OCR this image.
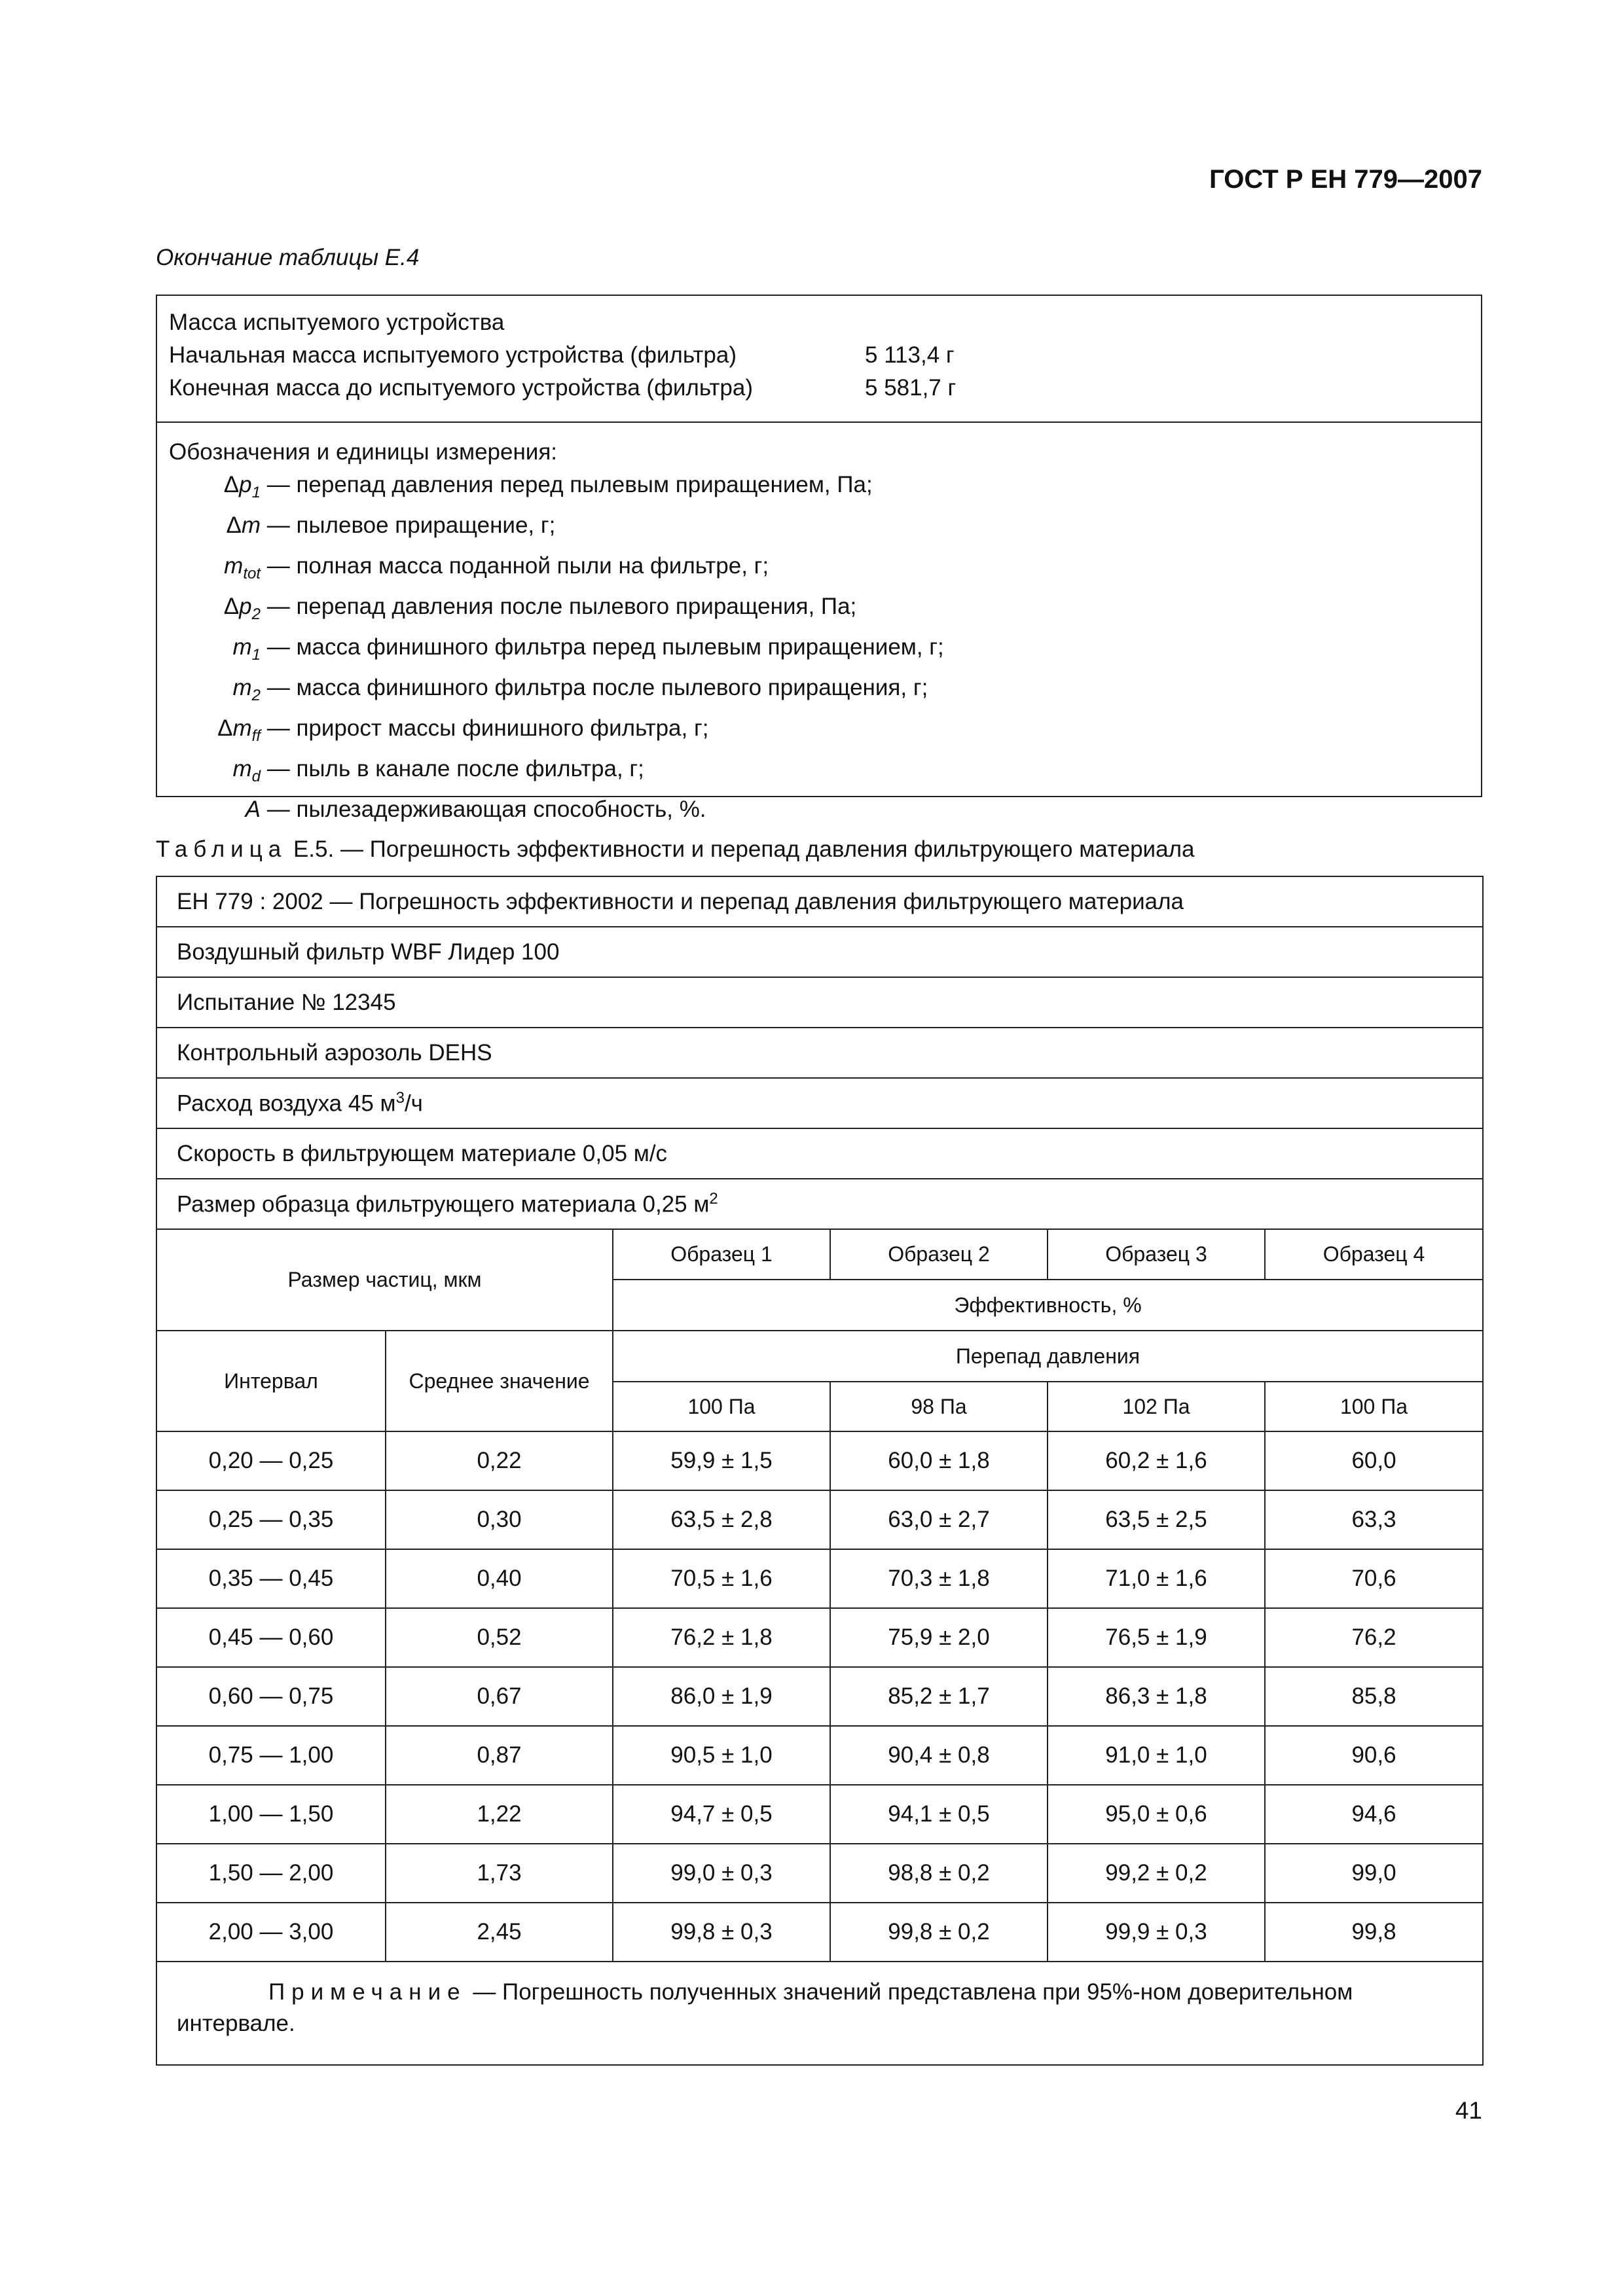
ГОСТ Р ЕН 779—2007
Окончание таблицы Е.4
Масса испытуемого устройства
Начальная масса испытуемого устройства (фильтра)	5 113,4 г
Конечная масса до испытуемого устройства (фильтра)	5 581,7 г
Обозначения и единицы измерения:
$\Delta p_1$ — перепад давления перед пылевым приращением, Па;
Δm — пылевое приращение, г;
$m_{tot}$ — полная масса поданной пыли на фильтре, г;
$\Delta p_2$ — перепад давления после пылевого приращения, Па;
$m_1$ — масса финишного фильтра перед пылевым приращением, г;
$m_2$ — масса финишного фильтра после пылевого приращения, г;
$\Delta m_{ff}$ — прирост массы финишного фильтра, г;
$m_d$ — пыль в канале после фильтра, г;
A — пылезадерживающая способность, %.
Таблица Е.5. — Погрешность эффективности и перепад давления фильтрующего материала
ЕН 779 : 2002 — Погрешность эффективности и перепад давления фильтрующего материала					
Воздушный фильтр WBF Лидер 100					
Испытание № 12345					
Контрольный аэрозоль DEHS					
Расход воздуха 45 $м^3/ч$					
Скорость в фильтрующем материале 0,05 м/с					
Размер образца фильтрующего материала 0,25 $м^2$
Размер частиц, мкм		Образец 1	Образец 2	Образец 3	Образец 4
		Эффективность, %			
Интервал	Среднее значение	Перепад давления			
		100 Па	98 Па	102 Па	100 Па
0,20 — 0,25	0,22	59,9 ± 1,5	60,0 ± 1,8	60,2 ± 1,6	60,0
0,25 — 0,35	0,30	63,5 ± 2,8	63,0 ± 2,7	63,5 ± 2,5	63,3
0,35 — 0,45	0,40	70,5 ± 1,6	70,3 ± 1,8	71,0 ± 1,6	70,6
0,45 — 0,60	0,52	76,2 ± 1,8	75,9 ± 2,0	76,5 ± 1,9	76,2
0,60 — 0,75	0,67	86,0 ± 1,9	85,2 ± 1,7	86,3 ± 1,8	85,8
0,75 — 1,00	0,87	90,5 ± 1,0	90,4 ± 0,8	91,0 ± 1,0	90,6
1,00 — 1,50	1,22	94,7 ± 0,5	94,1 ± 0,5	95,0 ± 0,6	94,6
1,50 — 2,00	1,73	99,0 ± 0,3	98,8 ± 0,2	99,2 ± 0,2	99,0
2,00 — 3,00	2,45	99,8 ± 0,3	99,8 ± 0,2	99,9 ± 0,3	99,8
Примечание — Погрешность полученных значений представлена при 95%-ном доверительном интервале.					
41
